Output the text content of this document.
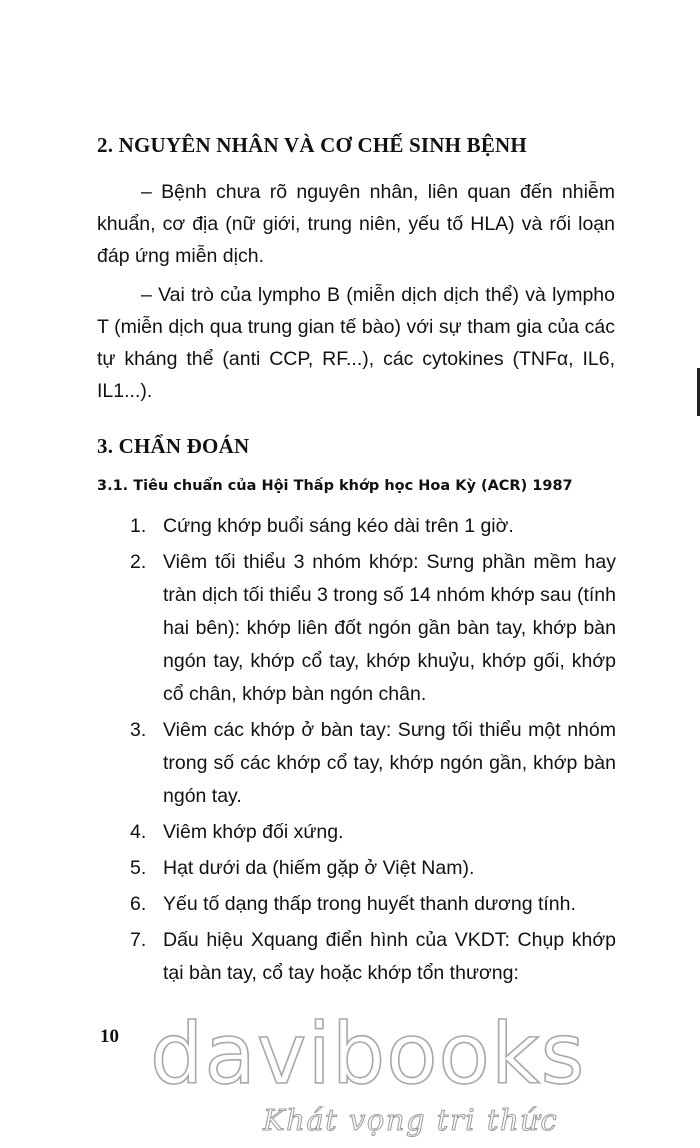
2. NGUYÊN NHÂN VÀ CƠ CHẾ SINH BỆNH

– Bệnh chưa rõ nguyên nhân, liên quan đến nhiễm khuẩn, cơ địa (nữ giới, trung niên, yếu tố HLA) và rối loạn đáp ứng miễn dịch.

– Vai trò của lympho B (miễn dịch dịch thể) và lympho T (miễn dịch qua trung gian tế bào) với sự tham gia của các tự kháng thể (anti CCP, RF...), các cytokines (TNFα, IL6, IL1...).

3. CHẨN ĐOÁN
3.1. Tiêu chuẩn của Hội Thấp khớp học Hoa Kỳ (ACR) 1987
1. Cứng khớp buổi sáng kéo dài trên 1 giờ.
2. Viêm tối thiểu 3 nhóm khớp: Sưng phần mềm hay tràn dịch tối thiểu 3 trong số 14 nhóm khớp sau (tính hai bên): khớp liên đốt ngón gần bàn tay, khớp bàn ngón tay, khớp cổ tay, khớp khuỷu, khớp gối, khớp cổ chân, khớp bàn ngón chân.
3. Viêm các khớp ở bàn tay: Sưng tối thiểu một nhóm trong số các khớp cổ tay, khớp ngón gần, khớp bàn ngón tay.
4. Viêm khớp đối xứng.
5. Hạt dưới da (hiếm gặp ở Việt Nam).
6. Yếu tố dạng thấp trong huyết thanh dương tính.
7. Dấu hiệu Xquang điển hình của VKDT: Chụp khớp tại bàn tay, cổ tay hoặc khớp tổn thương:
10 davibooks
Khát vọng tri thức
